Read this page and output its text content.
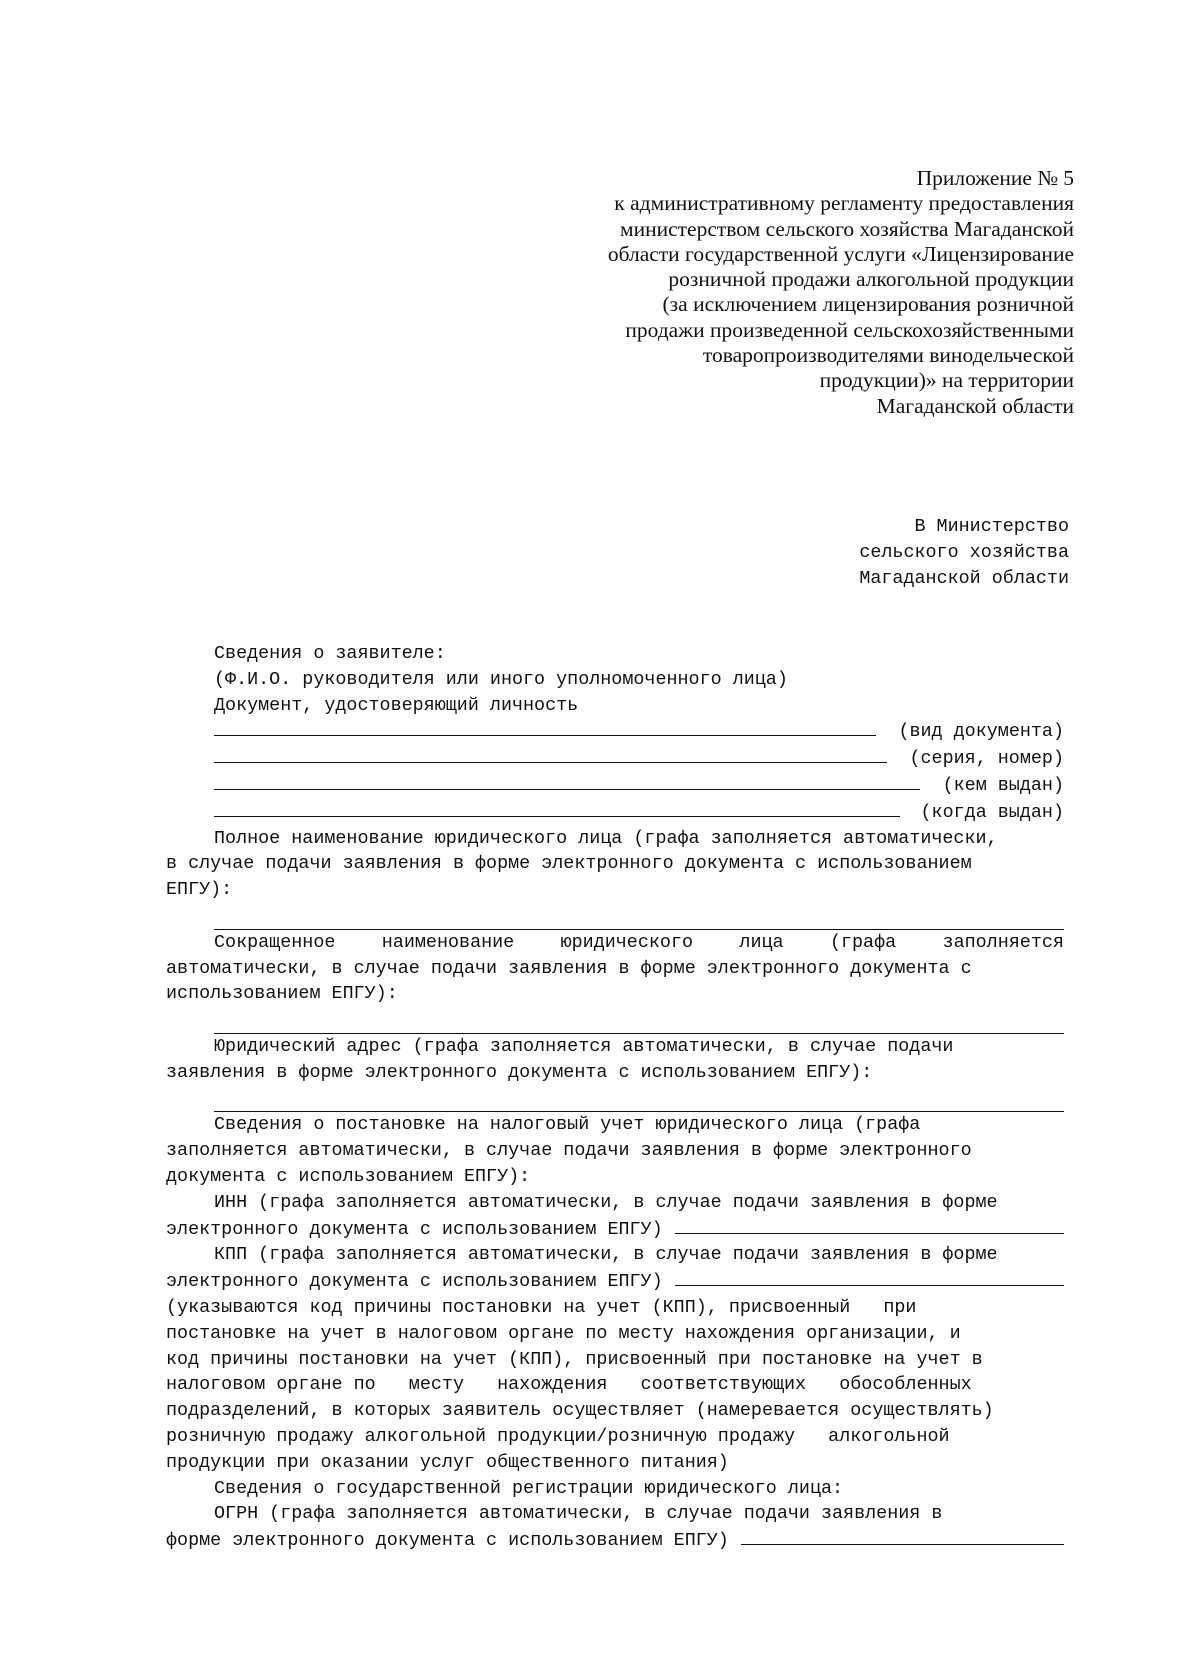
Приложение № 5
к административному регламенту предоставления
министерством сельского хозяйства Магаданской
области государственной услуги «Лицензирование
розничной продажи алкогольной продукции
(за исключением лицензирования розничной
продажи произведенной сельскохозяйственными
товаропроизводителями винодельческой
продукции)» на территории
Магаданской области
В Министерство
сельского хозяйства
Магаданской области
Сведения о заявителе:
(Ф.И.О. руководителя или иного уполномоченного лица)
Документ, удостоверяющий личность
(вид документа)
(серия, номер)
(кем выдан)
(когда выдан)
Полное наименование юридического лица (графа заполняется автоматически,
в случае подачи заявления в форме электронного документа с использованием
ЕПГУ):
Сокращенное	наименование	юридического	лица	(графа	заполняется
автоматически, в случае подачи заявления в форме электронного документа с
использованием ЕПГУ):
Юридический адрес (графа заполняется автоматически, в случае подачи
заявления в форме электронного документа с использованием ЕПГУ):
Сведения о постановке на налоговый учет юридического лица (графа
заполняется автоматически, в случае подачи заявления в форме электронного
документа с использованием ЕПГУ):
ИНН (графа заполняется автоматически, в случае подачи заявления в форме
электронного документа с использованием ЕПГУ)
КПП (графа заполняется автоматически, в случае подачи заявления в форме
электронного документа с использованием ЕПГУ)
(указываются код причины постановки на учет (КПП), присвоенный   при
постановке на учет в налоговом органе по месту нахождения организации, и
код причины постановки на учет (КПП), присвоенный при постановке на учет в
налоговом органе по   месту   нахождения   соответствующих   обособленных
подразделений, в которых заявитель осуществляет (намеревается осуществлять)
розничную продажу алкогольной продукции/розничную продажу   алкогольной
продукции при оказании услуг общественного питания)
Сведения о государственной регистрации юридического лица:
ОГРН (графа заполняется автоматически, в случае подачи заявления в
форме электронного документа с использованием ЕПГУ)
